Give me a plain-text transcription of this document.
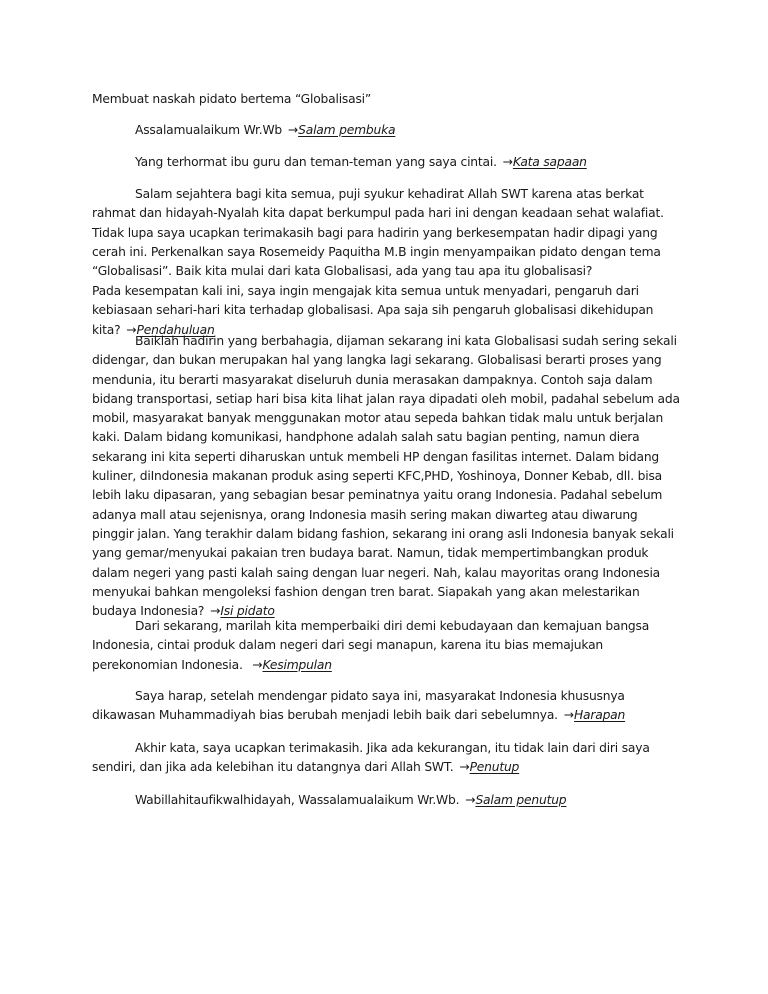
Membuat naskah pidato bertema “Globalisasi”

Assalamualaikum Wr.Wb →Salam pembuka

Yang terhormat ibu guru dan teman-teman yang saya cintai. →Kata sapaan

Salam sejahtera bagi kita semua, puji syukur kehadirat Allah SWT karena atas berkat rahmat dan hidayah-Nyalah kita dapat berkumpul pada hari ini dengan keadaan sehat walafiat. Tidak lupa saya ucapkan terimakasih bagi para hadirin yang berkesempatan hadir dipagi yang cerah ini. Perkenalkan saya Rosemeidy Paquitha M.B ingin menyampaikan pidato dengan tema “Globalisasi”. Baik kita mulai dari kata Globalisasi, ada yang tau apa itu globalisasi?

Pada kesempatan kali ini, saya ingin mengajak kita semua untuk menyadari, pengaruh dari kebiasaan sehari-hari kita terhadap globalisasi. Apa saja sih pengaruh globalisasi dikehidupan kita? →Pendahuluan

Baiklah hadirin yang berbahagia, dijaman sekarang ini kata Globalisasi sudah sering sekali didengar, dan bukan merupakan hal yang langka lagi sekarang. Globalisasi berarti proses yang mendunia, itu berarti masyarakat diseluruh dunia merasakan dampaknya. Contoh saja dalam bidang transportasi, setiap hari bisa kita lihat jalan raya dipadati oleh mobil, padahal sebelum ada mobil, masyarakat banyak menggunakan motor atau sepeda bahkan tidak malu untuk berjalan kaki. Dalam bidang komunikasi, handphone adalah salah satu bagian penting, namun diera sekarang ini kita seperti diharuskan untuk membeli HP dengan fasilitas internet. Dalam bidang kuliner, diIndonesia makanan produk asing seperti KFC,PHD, Yoshinoya, Donner Kebab, dll. bisa lebih laku dipasaran, yang sebagian besar peminatnya yaitu orang Indonesia. Padahal sebelum adanya mall atau sejenisnya, orang Indonesia masih sering makan diwarteg atau diwarung pinggir jalan. Yang terakhir dalam bidang fashion, sekarang ini orang asli Indonesia banyak sekali yang gemar/menyukai pakaian tren budaya barat. Namun, tidak mempertimbangkan produk dalam negeri yang pasti kalah saing dengan luar negeri. Nah, kalau mayoritas orang Indonesia menyukai bahkan mengoleksi fashion dengan tren barat. Siapakah yang akan melestarikan budaya Indonesia? →Isi pidato

Dari sekarang, marilah kita memperbaiki diri demi kebudayaan dan kemajuan bangsa Indonesia, cintai produk dalam negeri dari segi manapun, karena itu bias memajukan perekonomian Indonesia. →Kesimpulan

Saya harap, setelah mendengar pidato saya ini, masyarakat Indonesia khususnya dikawasan Muhammadiyah bias berubah menjadi lebih baik dari sebelumnya. →Harapan

Akhir kata, saya ucapkan terimakasih. Jika ada kekurangan, itu tidak lain dari diri saya sendiri, dan jika ada kelebihan itu datangnya dari Allah SWT. →Penutup

Wabillahitaufikwalhidayah, Wassalamualaikum Wr.Wb. →Salam penutup
